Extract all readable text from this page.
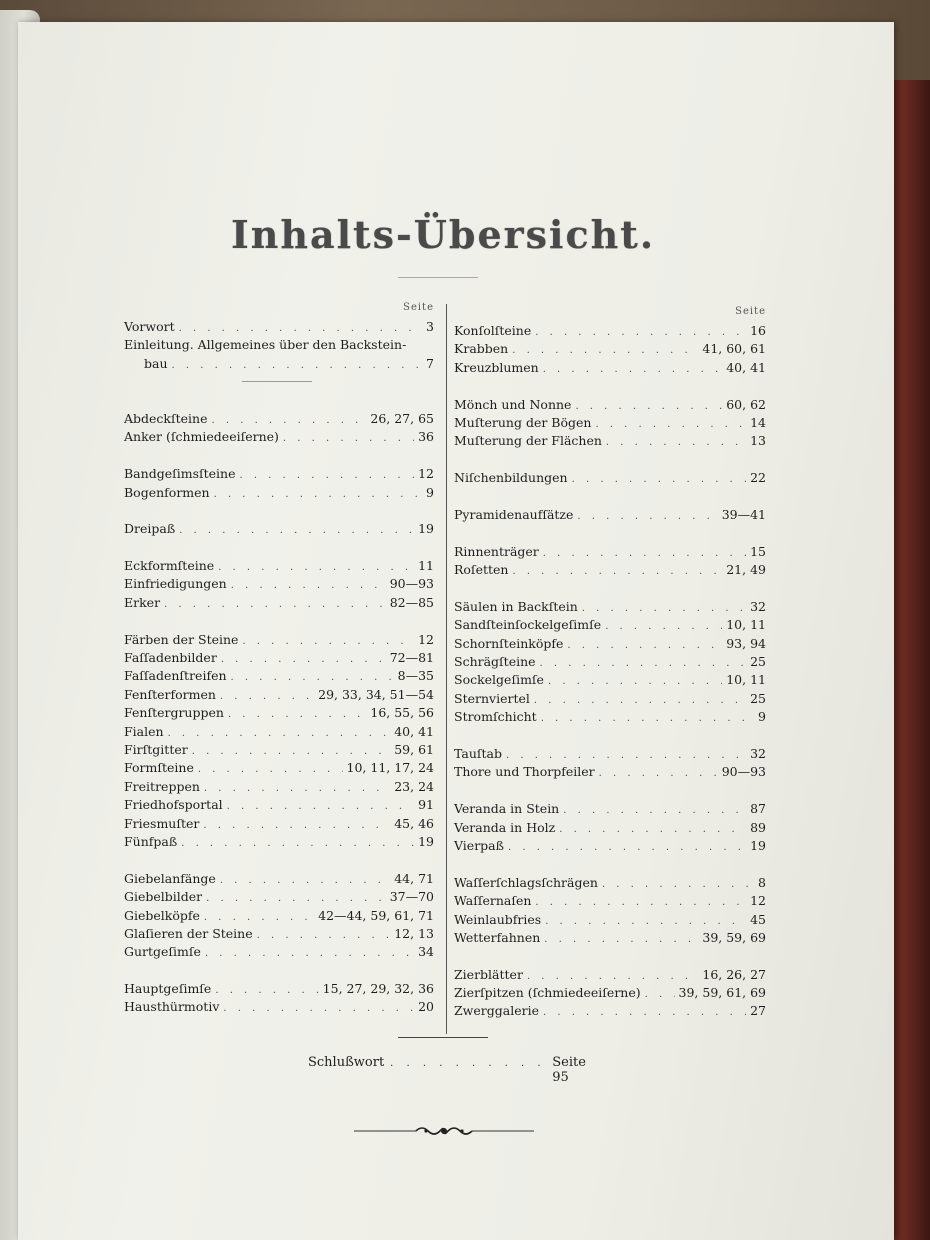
Inhalts-Übersicht.
Seite
Vorwort . . .	3
Einleitung. Allgemeines über den Backstein-
bau . . .	7
Abdeckſteine . . .	26, 27, 65
Anker (ſchmiedeeiſerne) . . .	36
Bandgeſimsſteine . . .	12
Bogenformen . . .	9
Dreipaß . . .	19
Eckformſteine . . .	11
Einfriedigungen . . .	90—93
Erker . . .	82—85
Färben der Steine . . .	12
Faſſadenbilder . . .	72—81
Faſſadenſtreifen . . .	8—35
Fenſterformen . . .	29, 33, 34, 51—54
Fenſtergruppen . . .	16, 55, 56
Fialen . . .	40, 41
Firſtgitter . . .	59, 61
Formſteine . . .	10, 11, 17, 24
Freitreppen . . .	23, 24
Friedhofsportal . . .	91
Friesmuſter . . .	45, 46
Fünfpaß . . .	19
Giebelanfänge . . .	44, 71
Giebelbilder . . .	37—70
Giebelköpfe . . .	42—44, 59, 61, 71
Glaſieren der Steine . . .	12, 13
Gurtgeſimſe . . .	34
Hauptgeſimſe . . .	15, 27, 29, 32, 36
Hausthürmotiv . . .	20
Seite
Konſolſteine . . .	16
Krabben . . .	41, 60, 61
Kreuzblumen . . .	40, 41
Mönch und Nonne . . .	60, 62
Muſterung der Bögen . . .	14
Muſterung der Flächen . . .	13
Niſchenbildungen . . .	22
Pyramidenaufſätze . . .	39—41
Rinnenträger . . .	15
Roſetten . . .	21, 49
Säulen in Backſtein . . .	32
Sandſteinſockelgeſimſe . . .	10, 11
Schornſteinköpfe . . .	93, 94
Schrägſteine . . .	25
Sockelgeſimſe . . .	10, 11
Sternviertel . . .	25
Stromſchicht . . .	9
Tauſtab . . .	32
Thore und Thorpfeiler . . .	90—93
Veranda in Stein . . .	87
Veranda in Holz . . .	89
Vierpaß . . .	19
Waſſerſchlagsſchrägen . . .	8
Waſſernaſen . . .	12
Weinlaubfries . . .	45
Wetterfahnen . . .	39, 59, 69
Zierblätter . . .	16, 26, 27
Zierſpitzen (ſchmiedeeiſerne) . . .	39, 59, 61, 69
Zwerggalerie . . .	27
Schlußwort . . .	Seite 95
